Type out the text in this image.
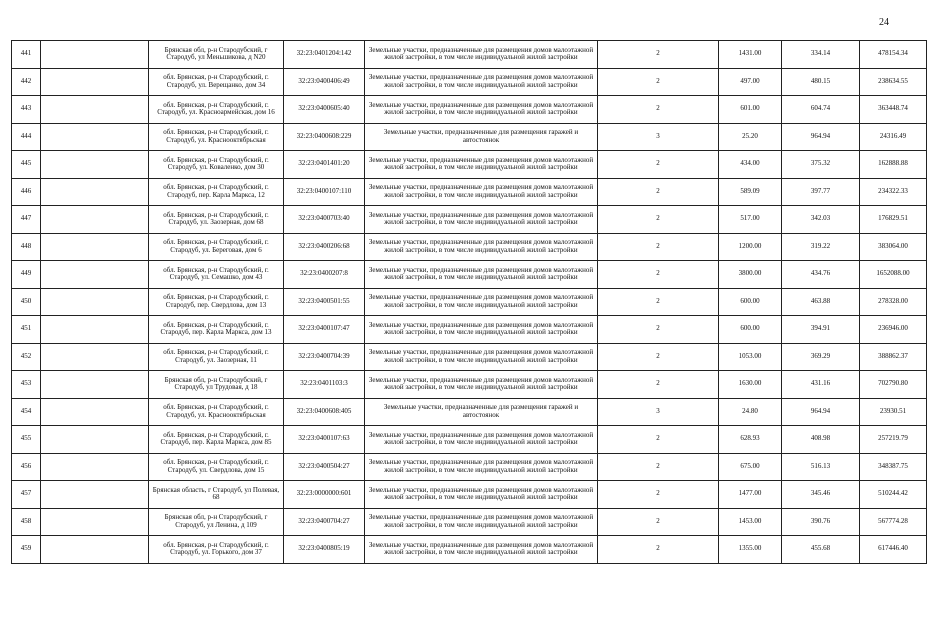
24
441		Брянская обл, р-н Стародубский, г Стародуб, ул Меньшикова, д N20	32:23:0401204:142	Земельные участки, предназначенные для размещения домов малоэтажной жилой застройки, в том числе индивидуальной жилой застройки	2	1431.00	334.14	478154.34
442		обл. Брянская, р-н Стародубский, г. Стародуб, ул. Верещанко, дом 34	32:23:0400406:49	Земельные участки, предназначенные для размещения домов малоэтажной жилой застройки, в том числе индивидуальной жилой застройки	2	497.00	480.15	238634.55
443		обл. Брянская, р-н Стародубский, г. Стародуб, ул. Красноармейская, дом 16	32:23:0400605:40	Земельные участки, предназначенные для размещения домов малоэтажной жилой застройки, в том числе индивидуальной жилой застройки	2	601.00	604.74	363448.74
444		обл. Брянская, р-н Стародубский, г. Стародуб, ул. Краснооктябрьская	32:23:0400608:229	Земельные участки, предназначенные для размещения гаражей и автостоянок	3	25.20	964.94	24316.49
445		обл. Брянская, р-н Стародубский, г. Стародуб, ул. Коваленко, дом 30	32:23:0401401:20	Земельные участки, предназначенные для размещения домов малоэтажной жилой застройки, в том числе индивидуальной жилой застройки	2	434.00	375.32	162888.88
446		обл. Брянская, р-н Стародубский, г. Стародуб, пер. Карла Маркса, 12	32:23:0400107:110	Земельные участки, предназначенные для размещения домов малоэтажной жилой застройки, в том числе индивидуальной жилой застройки	2	589.09	397.77	234322.33
447		обл. Брянская, р-н Стародубский, г. Стародуб, ул. Заозерная, дом 68	32:23:0400703:40	Земельные участки, предназначенные для размещения домов малоэтажной жилой застройки, в том числе индивидуальной жилой застройки	2	517.00	342.03	176829.51
448		обл. Брянская, р-н Стародубский, г. Стародуб, ул. Береговая, дом 6	32:23:0400206:68	Земельные участки, предназначенные для размещения домов малоэтажной жилой застройки, в том числе индивидуальной жилой застройки	2	1200.00	319.22	383064.00
449		обл. Брянская, р-н Стародубский, г. Стародуб, ул. Семашко, дом 43	32:23:0400207:8	Земельные участки, предназначенные для размещения домов малоэтажной жилой застройки, в том числе индивидуальной жилой застройки	2	3800.00	434.76	1652088.00
450		обл. Брянская, р-н Стародубский, г. Стародуб, пер. Свердлова, дом 13	32:23:0400501:55	Земельные участки, предназначенные для размещения домов малоэтажной жилой застройки, в том числе индивидуальной жилой застройки	2	600.00	463.88	278328.00
451		обл. Брянская, р-н Стародубский, г. Стародуб, пер. Карла Маркса, дом 13	32:23:0400107:47	Земельные участки, предназначенные для размещения домов малоэтажной жилой застройки, в том числе индивидуальной жилой застройки	2	600.00	394.91	236946.00
452		обл. Брянская, р-н Стародубский, г. Стародуб, ул. Заозерная, 11	32:23:0400704:39	Земельные участки, предназначенные для размещения домов малоэтажной жилой застройки, в том числе индивидуальной жилой застройки	2	1053.00	369.29	388862.37
453		Брянская обл, р-н Стародубский, г Стародуб, ул Трудовая, д 18	32:23:0401103:3	Земельные участки, предназначенные для размещения домов малоэтажной жилой застройки, в том числе индивидуальной жилой застройки	2	1630.00	431.16	702790.80
454		обл. Брянская, р-н Стародубский, г. Стародуб, ул. Краснооктябрьская	32:23:0400608:405	Земельные участки, предназначенные для размещения гаражей и автостоянок	3	24.80	964.94	23930.51
455		обл. Брянская, р-н Стародубский, г. Стародуб, пер. Карла Маркса, дом 85	32:23:0400107:63	Земельные участки, предназначенные для размещения домов малоэтажной жилой застройки, в том числе индивидуальной жилой застройки	2	628.93	408.98	257219.79
456		обл. Брянская, р-н Стародубский, г. Стародуб, ул. Свердлова, дом 15	32:23:0400504:27	Земельные участки, предназначенные для размещения домов малоэтажной жилой застройки, в том числе индивидуальной жилой застройки	2	675.00	516.13	348387.75
457		Брянская область, г Стародуб, ул Полевая, 68	32:23:0000000:601	Земельные участки, предназначенные для размещения домов малоэтажной жилой застройки, в том числе индивидуальной жилой застройки	2	1477.00	345.46	510244.42
458		Брянская обл, р-н Стародубский, г Стародуб, ул Ленина, д 109	32:23:0400704:27	Земельные участки, предназначенные для размещения домов малоэтажной жилой застройки, в том числе индивидуальной жилой застройки	2	1453.00	390.76	567774.28
459		обл. Брянская, р-н Стародубский, г. Стародуб, ул. Горького, дом 37	32:23:0400805:19	Земельные участки, предназначенные для размещения домов малоэтажной жилой застройки, в том числе индивидуальной жилой застройки	2	1355.00	455.68	617446.40
